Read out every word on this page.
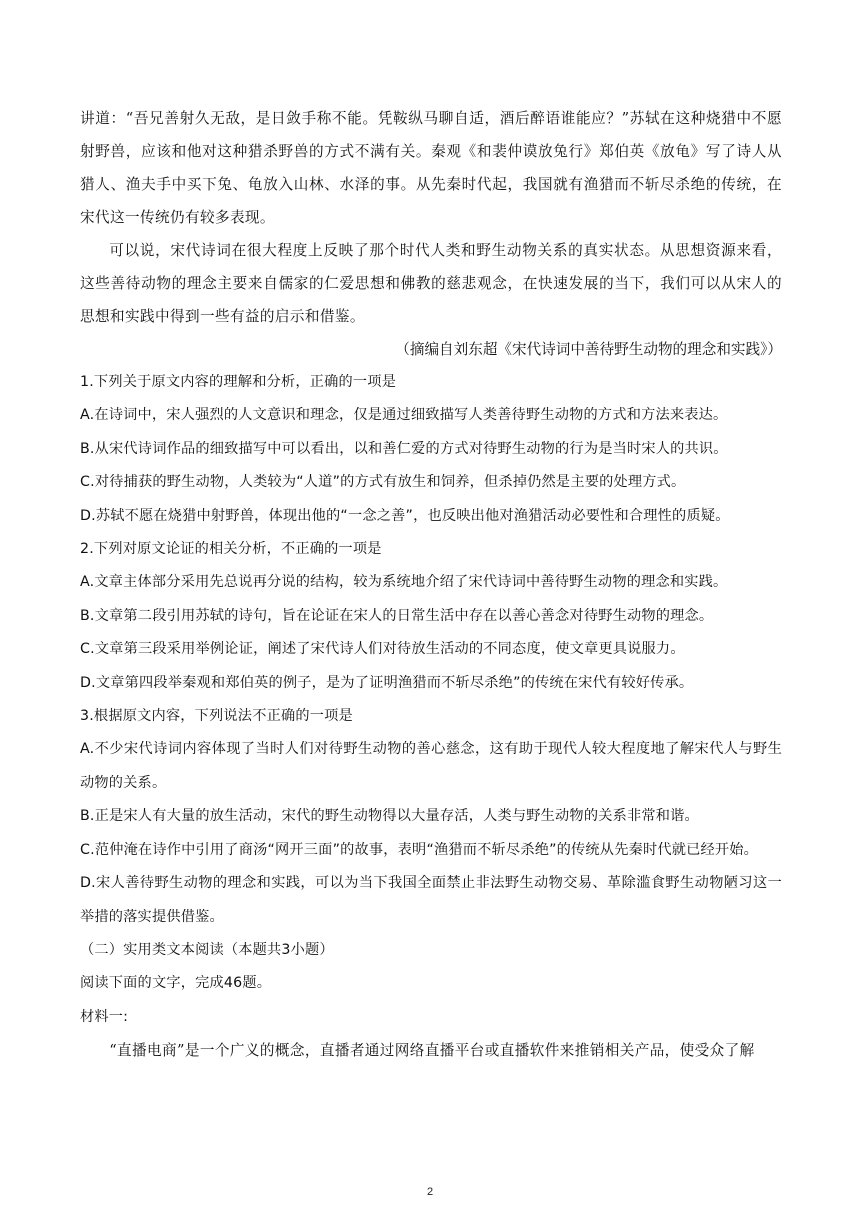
讲道：“吾兄善射久无敌，是日敛手称不能。凭鞍纵马聊自适，酒后醉语谁能应？”苏轼在这种烧猎中不愿射野兽，应该和他对这种猎杀野兽的方式不满有关。秦观《和裴仲谟放兔行》郑伯英《放龟》写了诗人从猎人、渔夫手中买下兔、龟放入山林、水泽的事。从先秦时代起，我国就有渔猎而不斩尽杀绝的传统，在宋代这一传统仍有较多表现。

可以说，宋代诗词在很大程度上反映了那个时代人类和野生动物关系的真实状态。从思想资源来看，这些善待动物的理念主要来自儒家的仁爱思想和佛教的慈悲观念，在快速发展的当下，我们可以从宋人的思想和实践中得到一些有益的启示和借鉴。

（摘编自刘东超《宋代诗词中善待野生动物的理念和实践》）

1.下列关于原文内容的理解和分析，正确的一项是

A.在诗词中，宋人强烈的人文意识和理念，仅是通过细致描写人类善待野生动物的方式和方法来表达。

B.从宋代诗词作品的细致描写中可以看出，以和善仁爱的方式对待野生动物的行为是当时宋人的共识。

C.对待捕获的野生动物，人类较为“人道”的方式有放生和饲养，但杀掉仍然是主要的处理方式。

D.苏轼不愿在烧猎中射野兽，体现出他的“一念之善”，也反映出他对渔猎活动必要性和合理性的质疑。

2.下列对原文论证的相关分析，不正确的一项是

A.文章主体部分采用先总说再分说的结构，较为系统地介绍了宋代诗词中善待野生动物的理念和实践。

B.文章第二段引用苏轼的诗句，旨在论证在宋人的日常生活中存在以善心善念对待野生动物的理念。

C.文章第三段采用举例论证，阐述了宋代诗人们对待放生活动的不同态度，使文章更具说服力。

D.文章第四段举秦观和郑伯英的例子，是为了证明渔猎而不斩尽杀绝”的传统在宋代有较好传承。

3.根据原文内容，下列说法不正确的一项是

A.不少宋代诗词内容体现了当时人们对待野生动物的善心慈念，这有助于现代人较大程度地了解宋代人与野生动物的关系。

B.正是宋人有大量的放生活动，宋代的野生动物得以大量存活，人类与野生动物的关系非常和谐。

C.范仲淹在诗作中引用了商汤“网开三面”的故事，表明“渔猎而不斩尽杀绝”的传统从先秦时代就已经开始。

D.宋人善待野生动物的理念和实践，可以为当下我国全面禁止非法野生动物交易、革除滥食野生动物陋习这一举措的落实提供借鉴。

（二）实用类文本阅读（本题共3小题）

阅读下面的文字，完成46题。

材料一:

“直播电商”是一个广义的概念，直播者通过网络直播平台或直播软件来推销相关产品，使受众了解

2
